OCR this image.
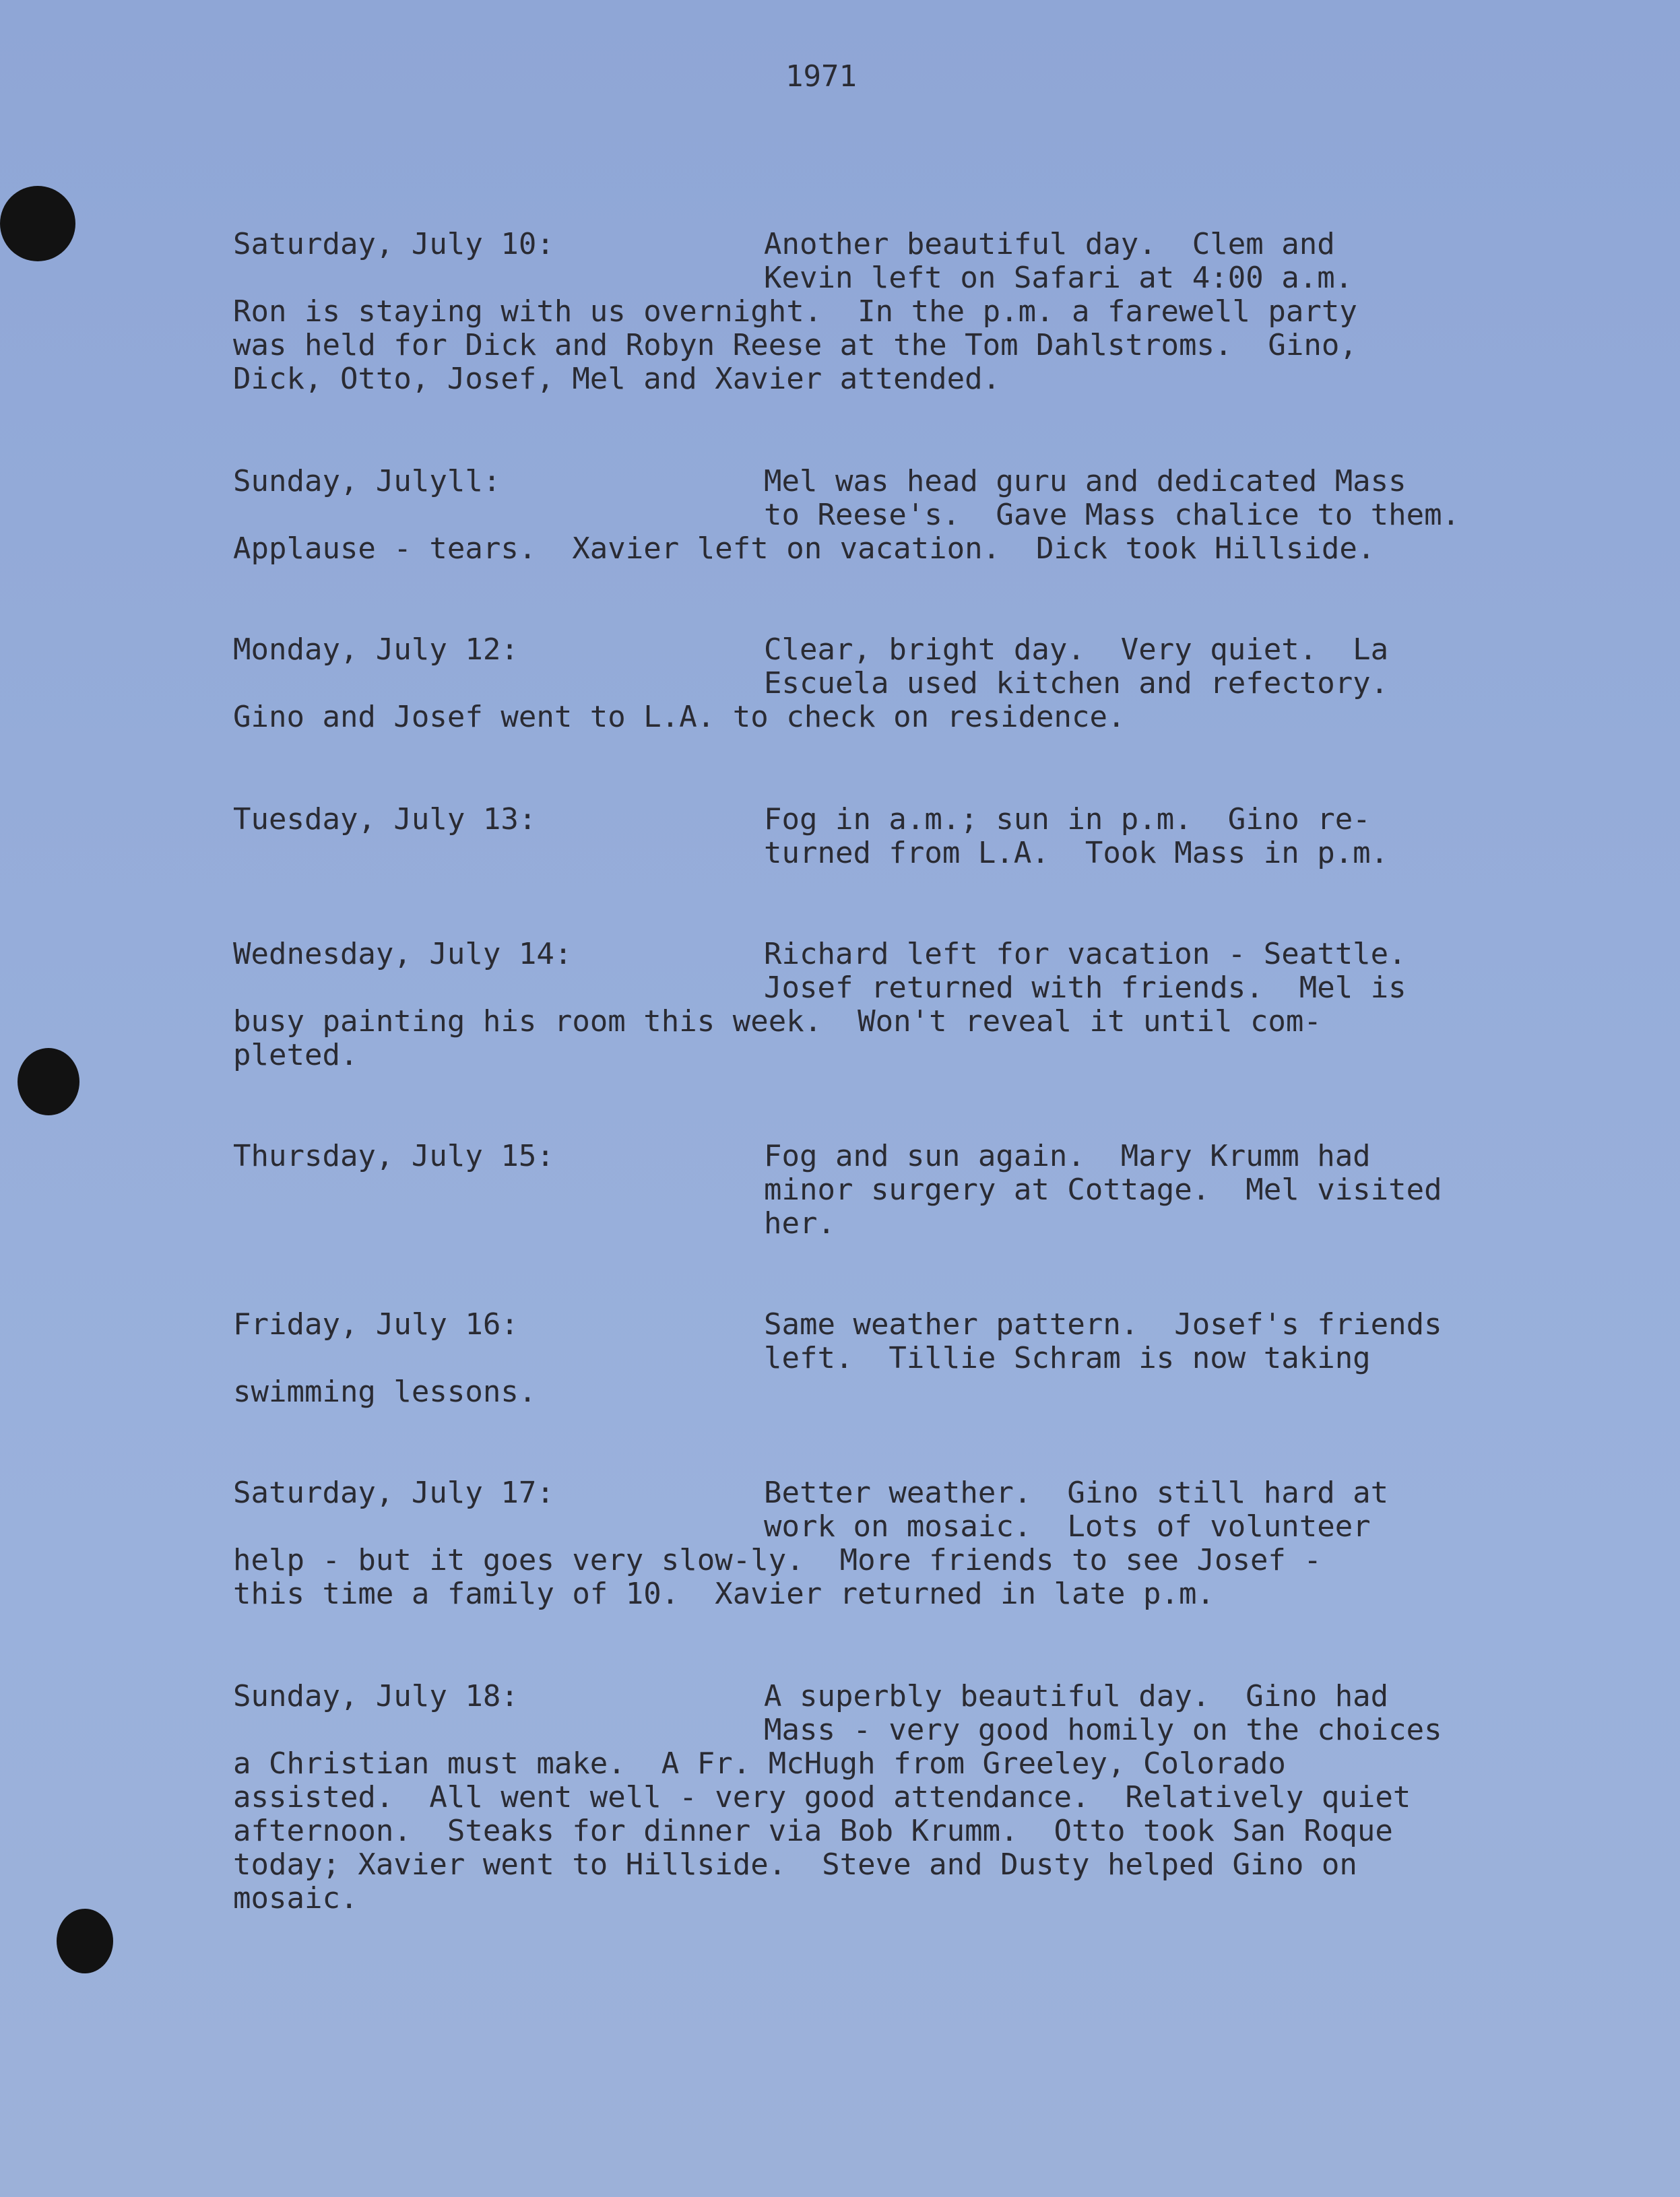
1971
Saturday, July 10:	Another beautiful day.  Clem and
Kevin left on Safari at 4:00 a.m.
Ron is staying with us overnight.  In the p.m. a farewell party
was held for Dick and Robyn Reese at the Tom Dahlstroms.  Gino,
Dick, Otto, Josef, Mel and Xavier attended.
Sunday, Julyll:	Mel was head guru and dedicated Mass
to Reese's.  Gave Mass chalice to them.
Applause - tears.  Xavier left on vacation.  Dick took Hillside.
Monday, July 12:	Clear, bright day.  Very quiet.  La
Escuela used kitchen and refectory.
Gino and Josef went to L.A. to check on residence.
Tuesday, July 13:	Fog in a.m.; sun in p.m.  Gino re-
turned from L.A.  Took Mass in p.m.
Wednesday, July 14:	Richard left for vacation - Seattle.
Josef returned with friends.  Mel is
busy painting his room this week.  Won't reveal it until com-
pleted.
Thursday, July 15:	Fog and sun again.  Mary Krumm had
minor surgery at Cottage.  Mel visited
her.
Friday, July 16:	Same weather pattern.  Josef's friends
left.  Tillie Schram is now taking
swimming lessons.
Saturday, July 17:	Better weather.  Gino still hard at
work on mosaic.  Lots of volunteer
help - but it goes very slow-ly.  More friends to see Josef -
this time a family of 10.  Xavier returned in late p.m.
Sunday, July 18:	A superbly beautiful day.  Gino had
Mass - very good homily on the choices
a Christian must make.  A Fr. McHugh from Greeley, Colorado
assisted.  All went well - very good attendance.  Relatively quiet
afternoon.  Steaks for dinner via Bob Krumm.  Otto took San Roque
today; Xavier went to Hillside.  Steve and Dusty helped Gino on
mosaic.
